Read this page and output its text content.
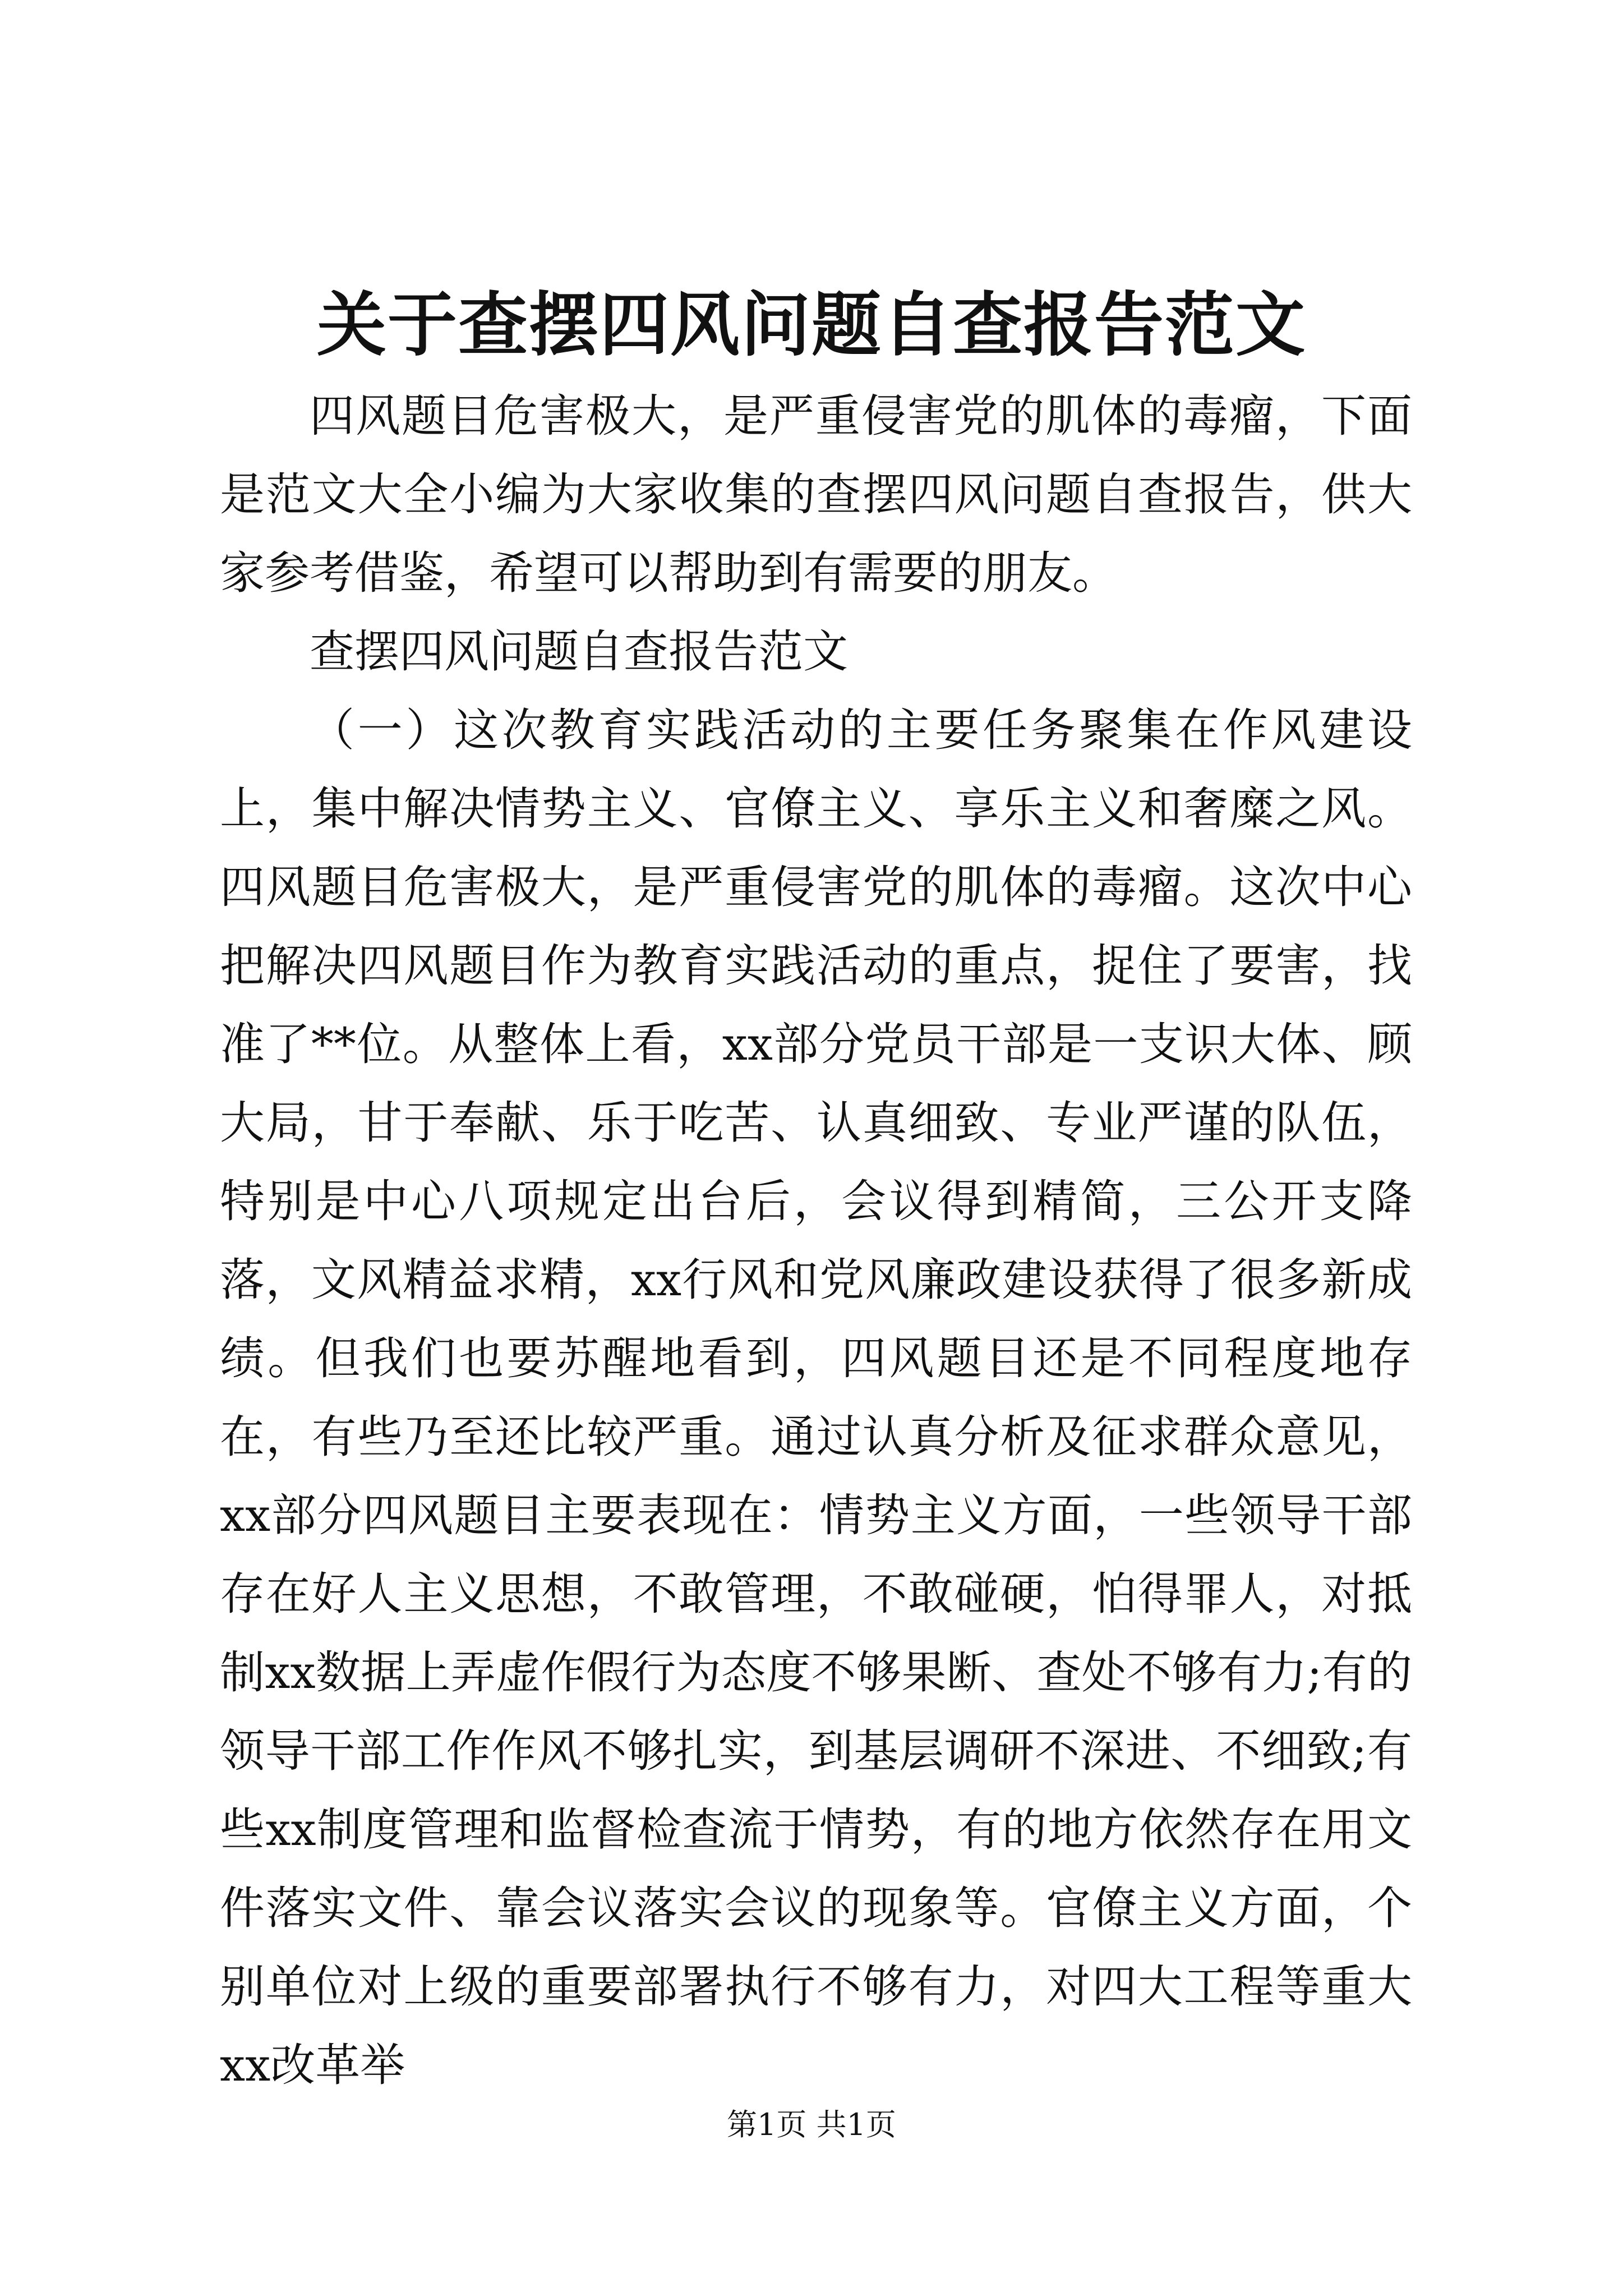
关于查摆四风问题自查报告范文

四风题目危害极大，是严重侵害党的肌体的毒瘤，下面是范文大全小编为大家收集的查摆四风问题自查报告，供大家参考借鉴，希望可以帮助到有需要的朋友。

查摆四风问题自查报告范文

（一）这次教育实践活动的主要任务聚集在作风建设上，集中解决情势主义、官僚主义、享乐主义和奢糜之风。四风题目危害极大，是严重侵害党的肌体的毒瘤。这次中心把解决四风题目作为教育实践活动的重点，捉住了要害，找准了**位。从整体上看，xx部分党员干部是一支识大体、顾大局，甘于奉献、乐于吃苦、认真细致、专业严谨的队伍，特别是中心八项规定出台后，会议得到精简，三公开支降落，文风精益求精，xx行风和党风廉政建设获得了很多新成绩。但我们也要苏醒地看到，四风题目还是不同程度地存在，有些乃至还比较严重。通过认真分析及征求群众意见，xx部分四风题目主要表现在：情势主义方面，一些领导干部存在好人主义思想，不敢管理，不敢碰硬，怕得罪人，对抵制xx数据上弄虚作假行为态度不够果断、查处不够有力;有的领导干部工作作风不够扎实，到基层调研不深进、不细致;有些xx制度管理和监督检查流于情势，有的地方依然存在用文件落实文件、靠会议落实会议的现象等。官僚主义方面，个别单位对上级的重要部署执行不够有力，对四大工程等重大xx改革举

第1页 共1页
